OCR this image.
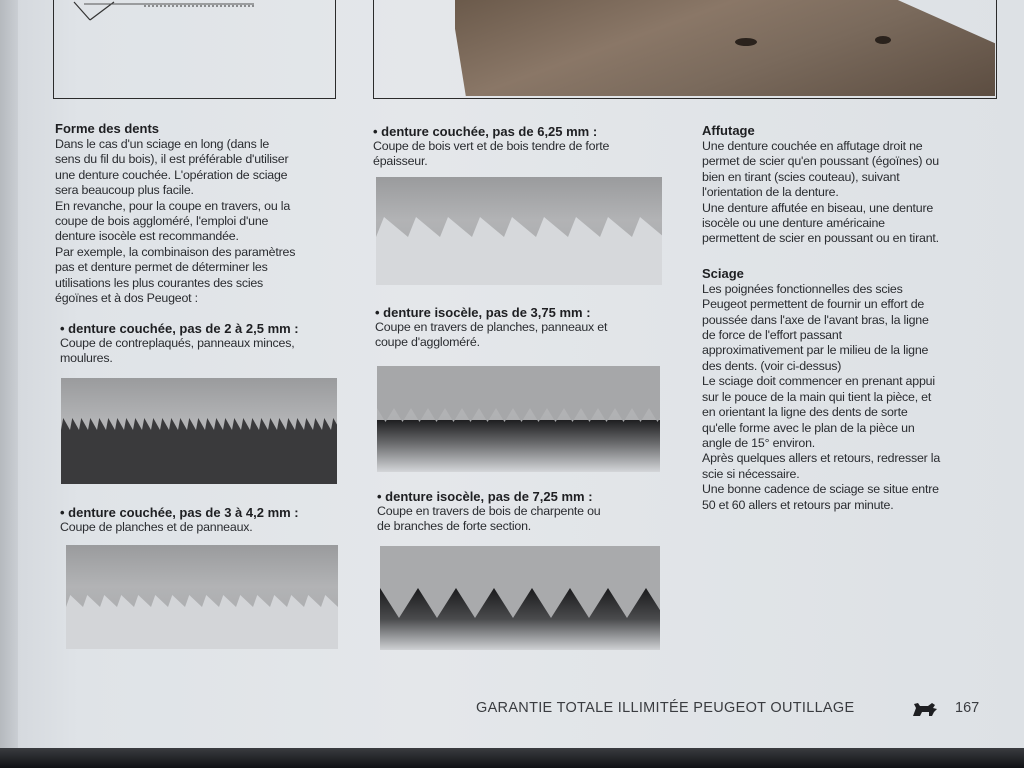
Forme des dents
Dans le cas d'un sciage en long (dans le
sens du fil du bois), il est préférable d'utiliser
une denture couchée. L'opération de sciage
sera beaucoup plus facile.
En revanche, pour la coupe en travers, ou la
coupe de bois aggloméré, l'emploi d'une
denture isocèle est recommandée.
Par exemple, la combinaison des paramètres
pas et denture permet de déterminer les
utilisations les plus courantes des scies
égoïnes et à dos Peugeot :
• denture couchée, pas de 2 à 2,5 mm :
Coupe de contreplaqués, panneaux minces,
moulures.
• denture couchée, pas de 3 à 4,2 mm :
Coupe de planches et de panneaux.
• denture couchée, pas de 6,25 mm :
Coupe de bois vert et de bois tendre de forte
épaisseur.
• denture isocèle, pas de 3,75 mm :
Coupe en travers de planches, panneaux et
coupe d'aggloméré.
• denture isocèle, pas de 7,25 mm :
Coupe en travers de bois de charpente ou
de branches de forte section.
Affutage
Une denture couchée en affutage droit ne
permet de scier qu'en poussant (égoïnes) ou
bien en tirant (scies couteau), suivant
l'orientation de la denture.
Une denture affutée en biseau, une denture
isocèle ou une denture américaine
permettent de scier en poussant ou en tirant.
Sciage
Les poignées fonctionnelles des scies
Peugeot permettent de fournir un effort de
poussée dans l'axe de l'avant bras, la ligne
de force de l'effort passant
approximativement par le milieu de la ligne
des dents. (voir ci-dessus)
Le sciage doit commencer en prenant appui
sur le pouce de la main qui tient la pièce, et
en orientant la ligne des dents de sorte
qu'elle forme avec le plan de la pièce un
angle de 15° environ.
Après quelques allers et retours, redresser la
scie si nécessaire.
Une bonne cadence de sciage se situe entre
50 et 60 allers et retours par minute.
GARANTIE TOTALE ILLIMITÉE PEUGEOT OUTILLAGE	167
